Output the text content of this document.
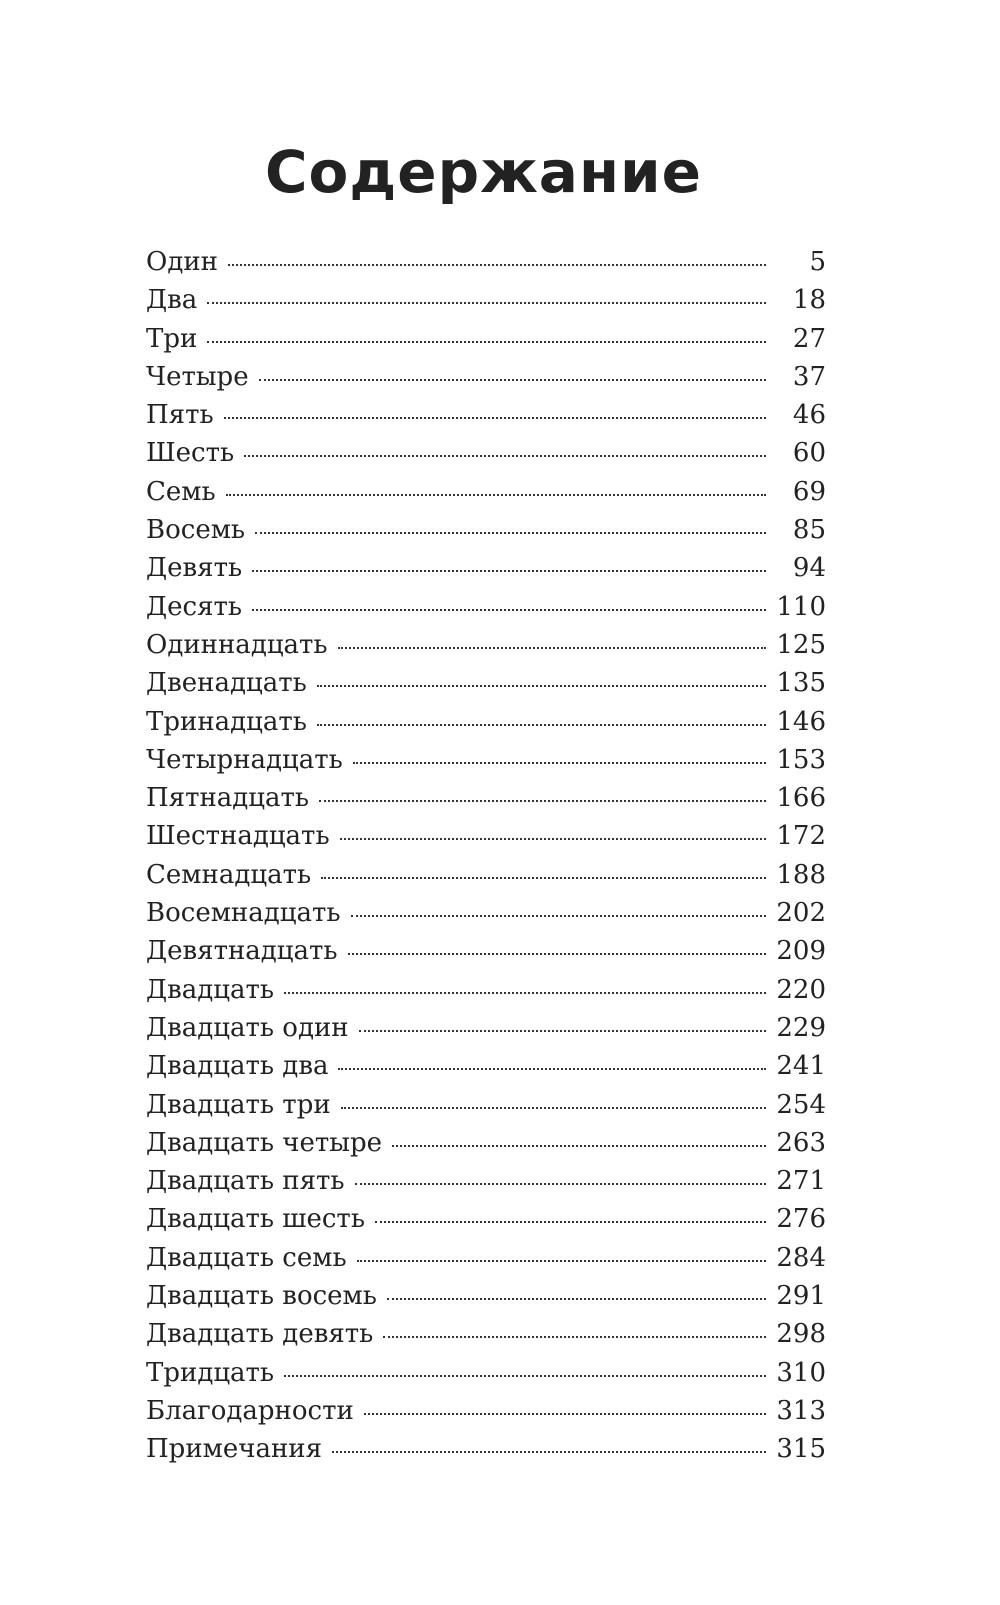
Содержание
Один	5
Два	18
Три	27
Четыре	37
Пять	46
Шесть	60
Семь	69
Восемь	85
Девять	94
Десять	110
Одиннадцать	125
Двенадцать	135
Тринадцать	146
Четырнадцать	153
Пятнадцать	166
Шестнадцать	172
Семнадцать	188
Восемнадцать	202
Девятнадцать	209
Двадцать	220
Двадцать один	229
Двадцать два	241
Двадцать три	254
Двадцать четыре	263
Двадцать пять	271
Двадцать шесть	276
Двадцать семь	284
Двадцать восемь	291
Двадцать девять	298
Тридцать	310
Благодарности	313
Примечания	315
